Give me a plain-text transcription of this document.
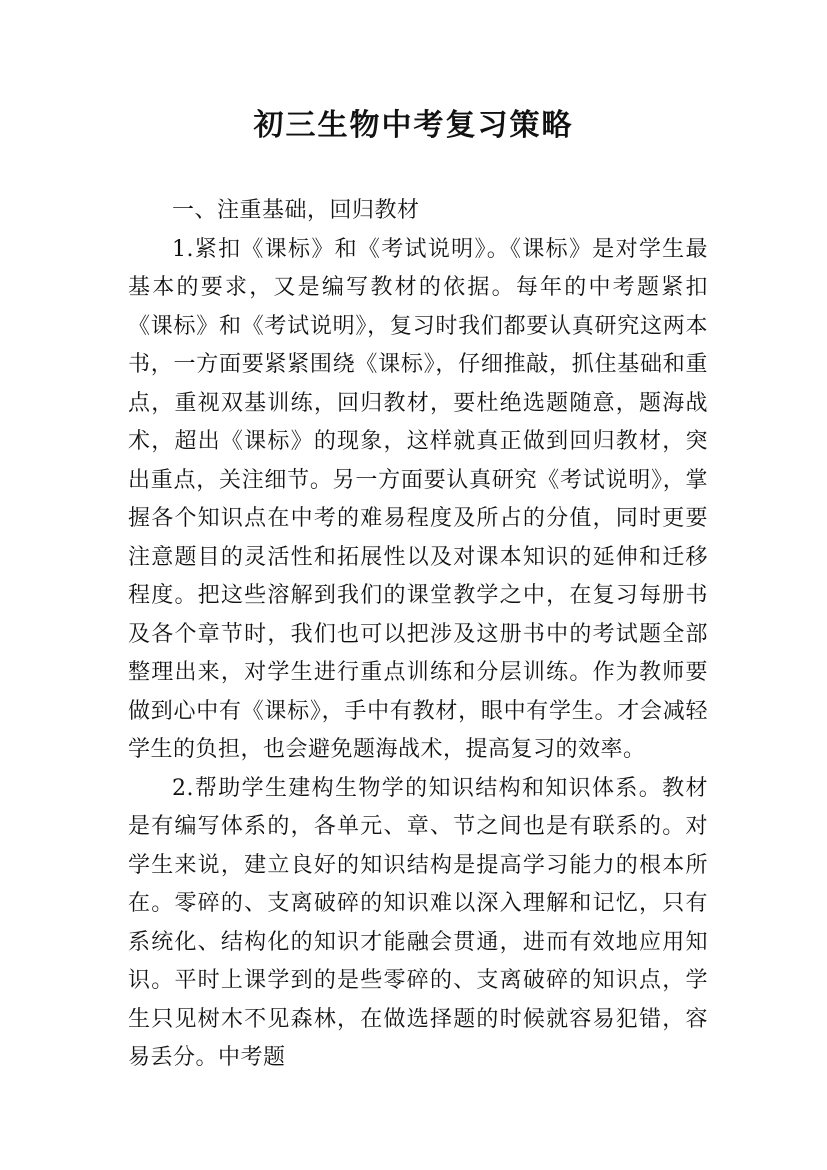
初三生物中考复习策略

一、注重基础，回归教材

1.紧扣《课标》和《考试说明》。《课标》是对学生最基本的要求，又是编写教材的依据。每年的中考题紧扣《课标》和《考试说明》，复习时我们都要认真研究这两本书，一方面要紧紧围绕《课标》，仔细推敲，抓住基础和重点，重视双基训练，回归教材，要杜绝选题随意，题海战术，超出《课标》的现象，这样就真正做到回归教材，突出重点，关注细节。另一方面要认真研究《考试说明》，掌握各个知识点在中考的难易程度及所占的分值，同时更要注意题目的灵活性和拓展性以及对课本知识的延伸和迁移程度。把这些溶解到我们的课堂教学之中，在复习每册书及各个章节时，我们也可以把涉及这册书中的考试题全部整理出来，对学生进行重点训练和分层训练。作为教师要做到心中有《课标》，手中有教材，眼中有学生。才会减轻学生的负担，也会避免题海战术，提高复习的效率。

2.帮助学生建构生物学的知识结构和知识体系。教材是有编写体系的，各单元、章、节之间也是有联系的。对学生来说，建立良好的知识结构是提高学习能力的根本所在。零碎的、支离破碎的知识难以深入理解和记忆，只有系统化、结构化的知识才能融会贯通，进而有效地应用知识。平时上课学到的是些零碎的、支离破碎的知识点，学生只见树木不见森林，在做选择题的时候就容易犯错，容易丢分。中考题
